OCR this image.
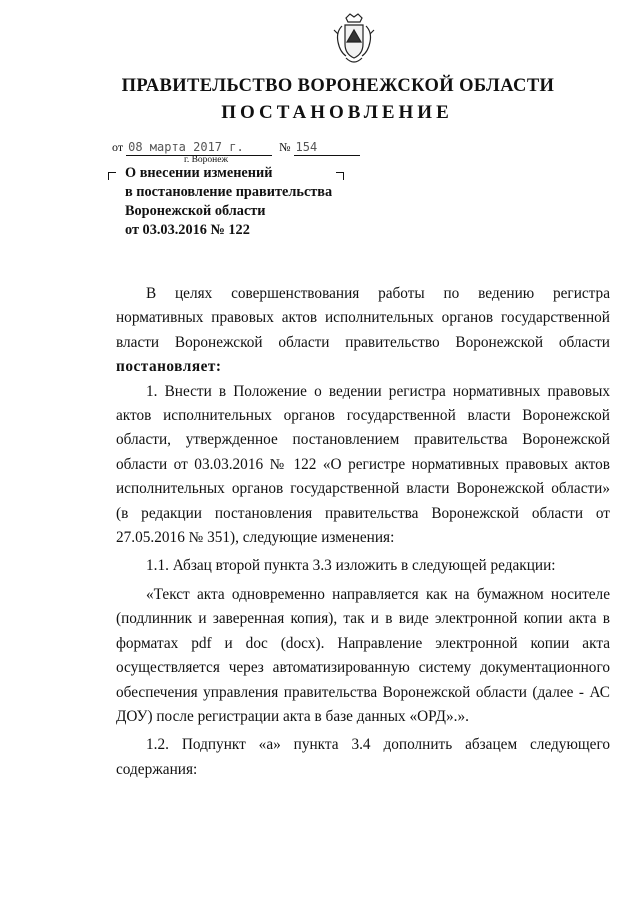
ПРАВИТЕЛЬСТВО ВОРОНЕЖСКОЙ ОБЛАСТИ
ПОСТАНОВЛЕНИЕ
от 08 марта 2017 г.	№ 154
г. Воронеж
О внесении изменений
в постановление правительства
Воронежской области
от 03.03.2016 № 122

В целях совершенствования работы по ведению регистра нормативных правовых актов исполнительных органов государственной власти Воронежской области правительство Воронежской области постановляет:

1. Внести в Положение о ведении регистра нормативных правовых актов исполнительных органов государственной власти Воронежской области, утвержденное постановлением правительства Воронежской области от 03.03.2016 № 122 «О регистре нормативных правовых актов исполнительных органов государственной власти Воронежской области» (в редакции постановления правительства Воронежской области от 27.05.2016 № 351), следующие изменения:

1.1. Абзац второй пункта 3.3 изложить в следующей редакции:

«Текст акта одновременно направляется как на бумажном носителе (подлинник и заверенная копия), так и в виде электронной копии акта в форматах pdf и doc (docx). Направление электронной копии акта осуществляется через автоматизированную систему документационного обеспечения управления правительства Воронежской области (далее - АС ДОУ) после регистрации акта в базе данных «ОРД».».

1.2. Подпункт «а» пункта 3.4 дополнить абзацем следующего содержания:
